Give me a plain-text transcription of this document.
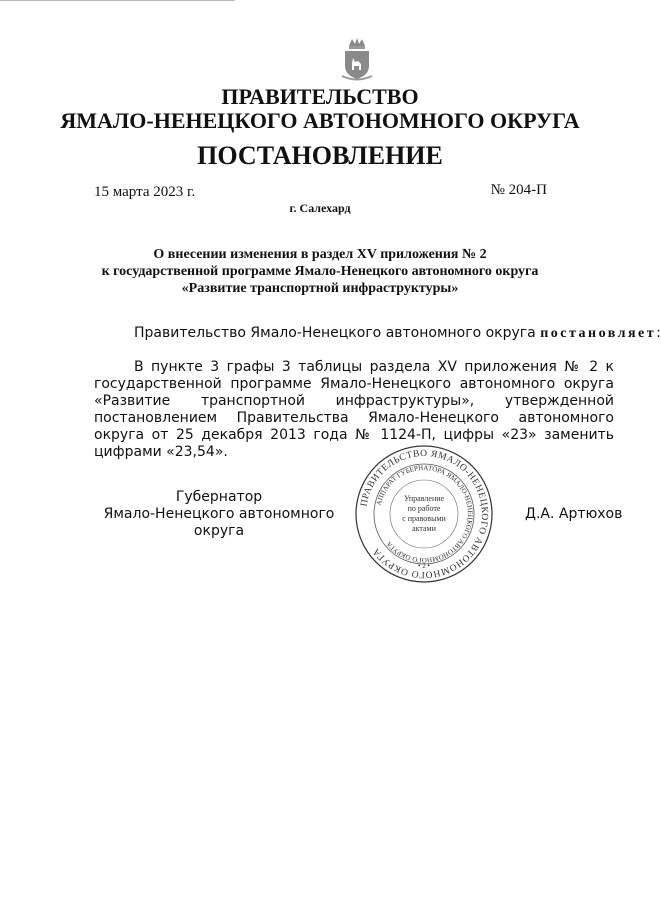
ПРАВИТЕЛЬСТВО
ЯМАЛО-НЕНЕЦКОГО АВТОНОМНОГО ОКРУГА
ПОСТАНОВЛЕНИЕ
15 марта 2023 г.	№ 204-П
г. Салехард
О внесении изменения в раздел XV приложения № 2
к государственной программе Ямало-Ненецкого автономного округа
«Развитие транспортной инфраструктуры»
Правительство Ямало-Ненецкого автономного округа постановляет:
В пункте 3 графы 3 таблицы раздела XV приложения № 2 к государственной программе Ямало-Ненецкого автономного округа «Развитие транспортной инфраструктуры», утвержденной постановлением Правительства Ямало-Ненецкого автономного округа от 25 декабря 2013 года № 1124-П, цифры «23» заменить цифрами «23,54».
Губернатор
Ямало-Ненецкого автономного округа
Д.А. Артюхов
ПРАВИТЕЛЬСТВО ЯМАЛО-НЕНЕЦКОГО АВТОНОМНОГО ОКРУГА
АППАРАТ ГУБЕРНАТОРА ЯМАЛО-НЕНЕЦКОГО АВТОНОМНОГО ОКРУГА
• 2 •
Управление
по работе
с правовыми
актами
